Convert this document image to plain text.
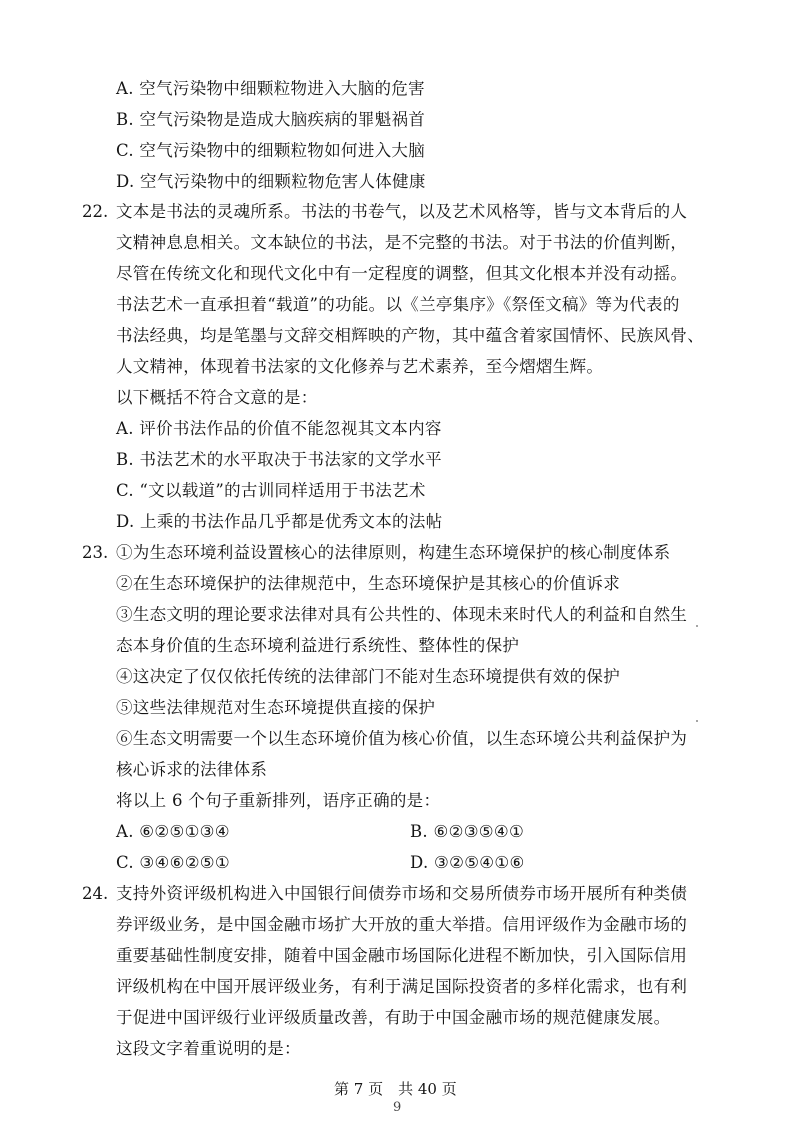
A. 空气污染物中细颗粒物进入大脑的危害
B. 空气污染物是造成大脑疾病的罪魁祸首
C. 空气污染物中的细颗粒物如何进入大脑
D. 空气污染物中的细颗粒物危害人体健康
22. 文本是书法的灵魂所系。书法的书卷气，以及艺术风格等，皆与文本背后的人
文精神息息相关。文本缺位的书法，是不完整的书法。对于书法的价值判断，
尽管在传统文化和现代文化中有一定程度的调整，但其文化根本并没有动摇。
书法艺术一直承担着“载道”的功能。以《兰亭集序》《祭侄文稿》等为代表的
书法经典，均是笔墨与文辞交相辉映的产物，其中蕴含着家国情怀、民族风骨、
人文精神，体现着书法家的文化修养与艺术素养，至今熠熠生辉。
以下概括不符合文意的是：
A. 评价书法作品的价值不能忽视其文本内容
B. 书法艺术的水平取决于书法家的文学水平
C. “文以载道”的古训同样适用于书法艺术
D. 上乘的书法作品几乎都是优秀文本的法帖
23. ①为生态环境利益设置核心的法律原则，构建生态环境保护的核心制度体系
②在生态环境保护的法律规范中，生态环境保护是其核心的价值诉求
③生态文明的理论要求法律对具有公共性的、体现未来时代人的利益和自然生
态本身价值的生态环境利益进行系统性、整体性的保护
④这决定了仅仅依托传统的法律部门不能对生态环境提供有效的保护
⑤这些法律规范对生态环境提供直接的保护
⑥生态文明需要一个以生态环境价值为核心价值，以生态环境公共利益保护为
核心诉求的法律体系
将以上 6 个句子重新排列，语序正确的是：
A. ⑥②⑤①③④	B. ⑥②③⑤④①
C. ③④⑥②⑤①	D. ③②⑤④①⑥
24. 支持外资评级机构进入中国银行间债券市场和交易所债券市场开展所有种类债
券评级业务，是中国金融市场扩大开放的重大举措。信用评级作为金融市场的
重要基础性制度安排，随着中国金融市场国际化进程不断加快，引入国际信用
评级机构在中国开展评级业务，有利于满足国际投资者的多样化需求，也有利
于促进中国评级行业评级质量改善，有助于中国金融市场的规范健康发展。
这段文字着重说明的是：
第 7 页　共 40 页
9
